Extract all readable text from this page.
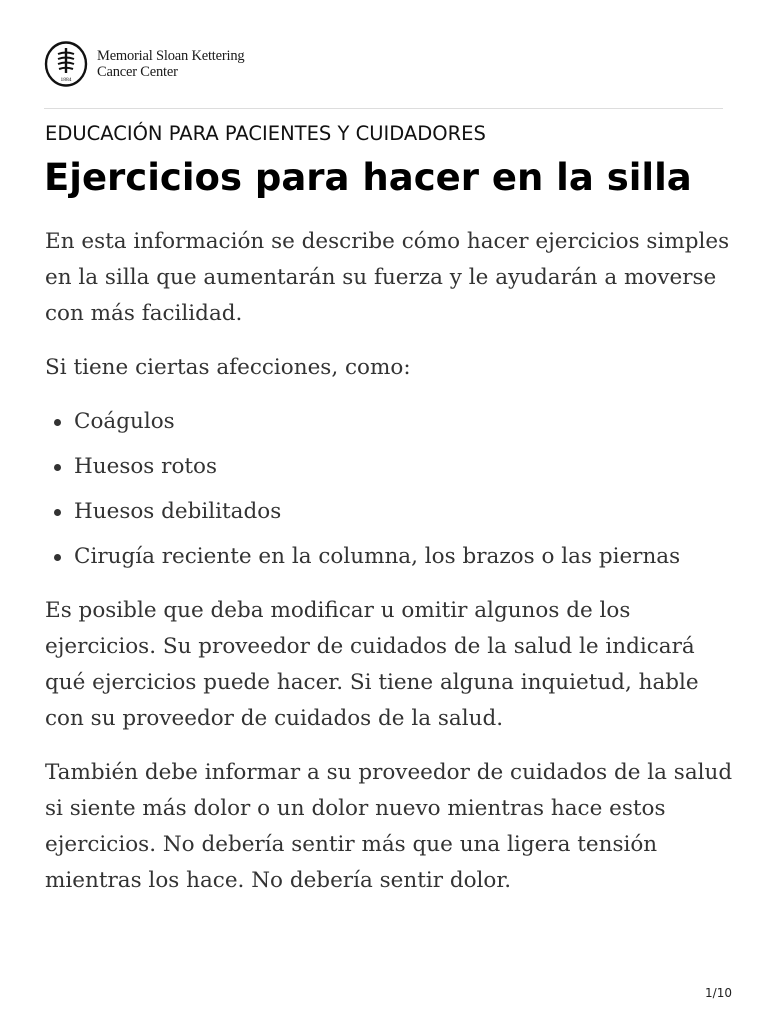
1884
Memorial Sloan Kettering
Cancer Center
EDUCACIÓN PARA PACIENTES Y CUIDADORES
Ejercicios para hacer en la silla

En esta información se describe cómo hacer ejercicios simples en la silla que aumentarán su fuerza y le ayudarán a moverse con más facilidad.

Si tiene ciertas afecciones, como:

Coágulos
Huesos rotos
Huesos debilitados
Cirugía reciente en la columna, los brazos o las piernas

Es posible que deba modificar u omitir algunos de los ejercicios. Su proveedor de cuidados de la salud le indicará qué ejercicios puede hacer. Si tiene alguna inquietud, hable con su proveedor de cuidados de la salud.

También debe informar a su proveedor de cuidados de la salud si siente más dolor o un dolor nuevo mientras hace estos ejercicios. No debería sentir más que una ligera tensión mientras los hace. No debería sentir dolor.

1/10
